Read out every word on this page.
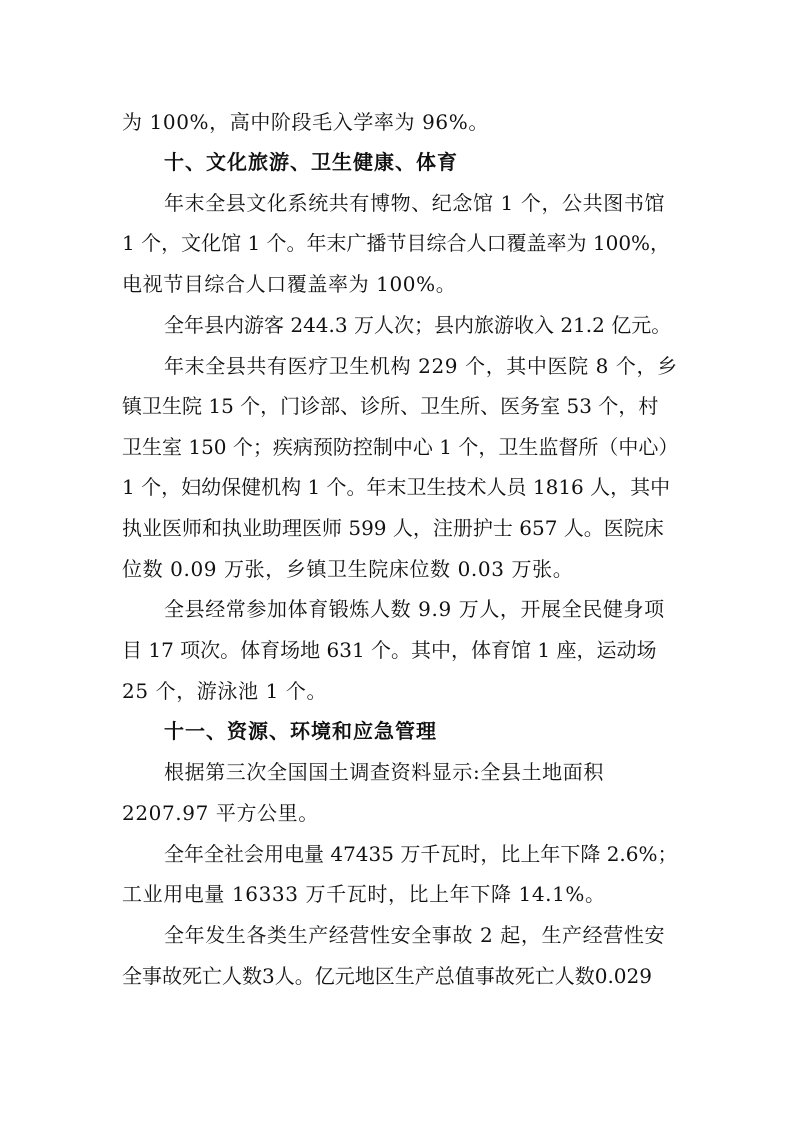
为 100%，高中阶段毛入学率为 96%。
十、文化旅游、卫生健康、体育
年末全县文化系统共有博物、纪念馆 1 个，公共图书馆
1 个，文化馆 1 个。年末广播节目综合人口覆盖率为 100%，
电视节目综合人口覆盖率为 100%。
全年县内游客 244.3 万人次；县内旅游收入 21.2 亿元。
年末全县共有医疗卫生机构 229 个，其中医院 8 个，乡
镇卫生院 15 个，门诊部、诊所、卫生所、医务室 53 个，村
卫生室 150 个；疾病预防控制中心 1 个，卫生监督所（中心）
1 个，妇幼保健机构 1 个。年末卫生技术人员 1816 人，其中
执业医师和执业助理医师 599 人，注册护士 657 人。医院床
位数 0.09 万张，乡镇卫生院床位数 0.03 万张。
全县经常参加体育锻炼人数 9.9 万人，开展全民健身项
目 17 项次。体育场地 631 个。其中，体育馆 1 座，运动场
25 个，游泳池 1 个。
十一、资源、环境和应急管理
根据第三次全国国土调查资料显示:全县土地面积
2207.97 平方公里。
全年全社会用电量 47435 万千瓦时，比上年下降 2.6%；
工业用电量 16333 万千瓦时，比上年下降 14.1%。
全年发生各类生产经营性安全事故 2 起，生产经营性安
全事故死亡人数3人。亿元地区生产总值事故死亡人数0.029
